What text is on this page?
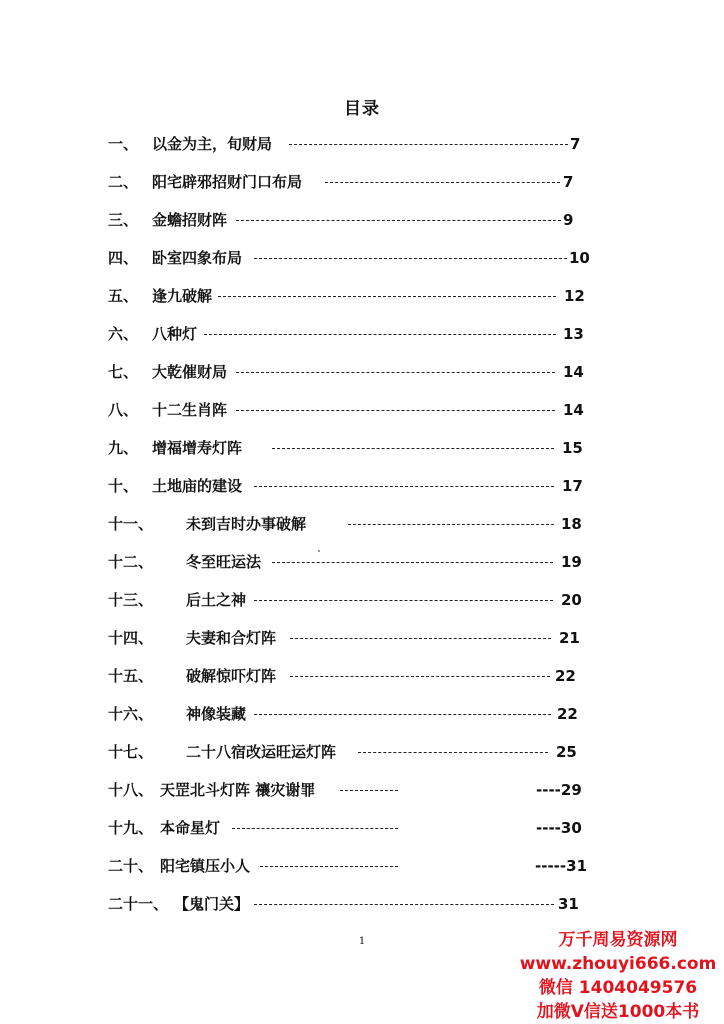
目录
一、 以金为主，旬财局	7
二、 阳宅辟邪招财门口布局	7
三、 金蟾招财阵	9
四、 卧室四象布局	10
五、 逢九破解	12
六、 八种灯	13
七、 大乾催财局	14
八、 十二生肖阵	14
九、 增福增寿灯阵	15
十、 土地庙的建设	17
十一、 未到吉时办事破解	18
十二、 冬至旺运法	19
十三、 后土之神	20
十四、 夫妻和合灯阵	21
十五、 破解惊吓灯阵	22
十六、 神像装藏	22
十七、 二十八宿改运旺运灯阵	25
十八、 天罡北斗灯阵 禳灾谢罪	----29
十九、 本命星灯	----30
二十、 阳宅镇压小人	-----31
二十一、 【鬼门关】	31
1	万千周易资源网
www.zhouyi666.com
微信 1404049576
加微V信送1000本书
